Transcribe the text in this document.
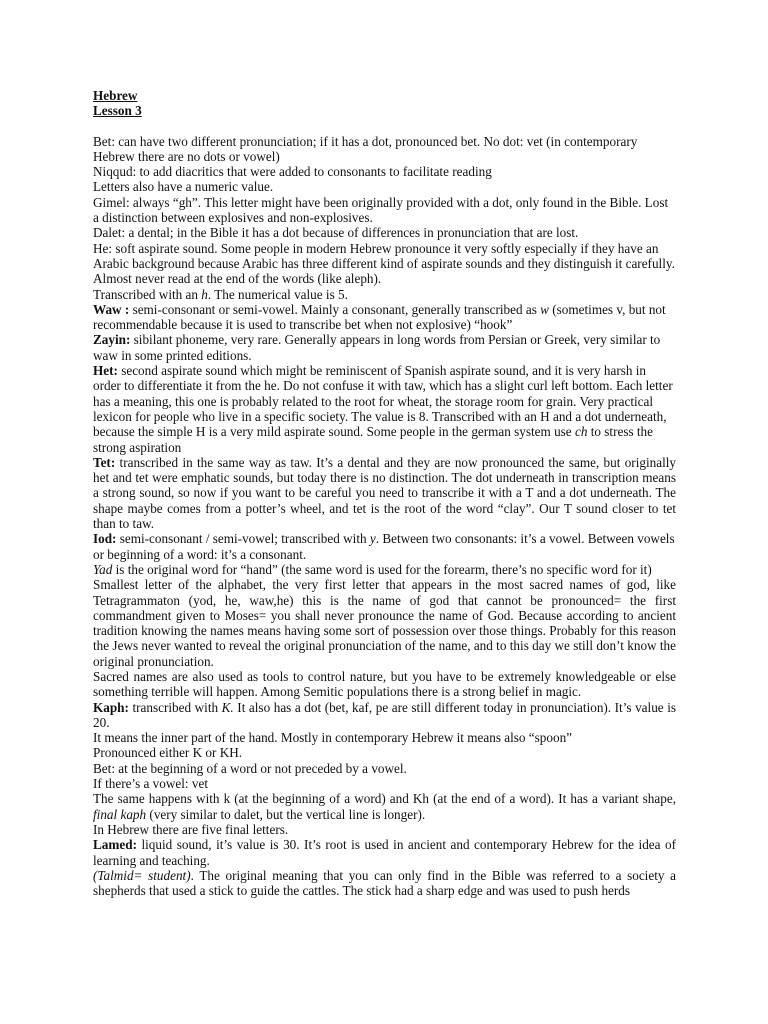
Hebrew
Lesson 3

Bet: can have two different pronunciation; if it has a dot, pronounced bet. No dot: vet (in contemporary Hebrew there are no dots or vowel)

Niqqud: to add diacritics that were added to consonants to facilitate reading

Letters also have a numeric value.

Gimel: always “gh”. This letter might have been originally provided with a dot, only found in the Bible. Lost a distinction between explosives and non-explosives.

Dalet: a dental; in the Bible it has a dot because of differences in pronunciation that are lost.

He: soft aspirate sound. Some people in modern Hebrew pronounce it very softly especially if they have an Arabic background because Arabic has three different kind of aspirate sounds and they distinguish it carefully. Almost never read at the end of the words (like aleph).

Transcribed with an h. The numerical value is 5.

Waw : semi-consonant or semi-vowel. Mainly a consonant, generally transcribed as w (sometimes v, but not recommendable because it is used to transcribe bet when not explosive) “hook”

Zayin: sibilant phoneme, very rare. Generally appears in long words from Persian or Greek, very similar to waw in some printed editions.

Het: second aspirate sound which might be reminiscent of Spanish aspirate sound, and it is very harsh in order to differentiate it from the he. Do not confuse it with taw, which has a slight curl left bottom. Each letter has a meaning, this one is probably related to the root for wheat, the storage room for grain. Very practical lexicon for people who live in a specific society. The value is 8. Transcribed with an H and a dot underneath, because the simple H is a very mild aspirate sound. Some people in the german system use ch to stress the strong aspiration

Tet: transcribed in the same way as taw. It’s a dental and they are now pronounced the same, but originally het and tet were emphatic sounds, but today there is no distinction. The dot underneath in transcription means a strong sound, so now if you want to be careful you need to transcribe it with a T and a dot underneath. The shape maybe comes from a potter’s wheel, and tet is the root of the word “clay”. Our T sound closer to tet than to taw.

Iod: semi-consonant / semi-vowel; transcribed with y. Between two consonants: it’s a vowel. Between vowels or beginning of a word: it’s a consonant.

Yad is the original word for “hand” (the same word is used for the forearm, there’s no specific word for it)

Smallest letter of the alphabet, the very first letter that appears in the most sacred names of god, like Tetragrammaton (yod, he, waw,he) this is the name of god that cannot be pronounced= the first commandment given to Moses= you shall never pronounce the name of God. Because according to ancient tradition knowing the names means having some sort of possession over those things. Probably for this reason the Jews never wanted to reveal the original pronunciation of the name, and to this day we still don’t know the original pronunciation.

Sacred names are also used as tools to control nature, but you have to be extremely knowledgeable or else something terrible will happen. Among Semitic populations there is a strong belief in magic.

Kaph: transcribed with K. It also has a dot (bet, kaf, pe are still different today in pronunciation). It’s value is 20.

It means the inner part of the hand. Mostly in contemporary Hebrew it means also “spoon”

Pronounced either K or KH.

Bet: at the beginning of a word or not preceded by a vowel.

If there’s a vowel: vet

The same happens with k (at the beginning of a word) and Kh (at the end of a word). It has a variant shape, final kaph (very similar to dalet, but the vertical line is longer).

In Hebrew there are five final letters.

Lamed: liquid sound, it’s value is 30. It’s root is used in ancient and contemporary Hebrew for the idea of learning and teaching.

(Talmid= student). The original meaning that you can only find in the Bible was referred to a society a shepherds that used a stick to guide the cattles. The stick had a sharp edge and was used to push herds
